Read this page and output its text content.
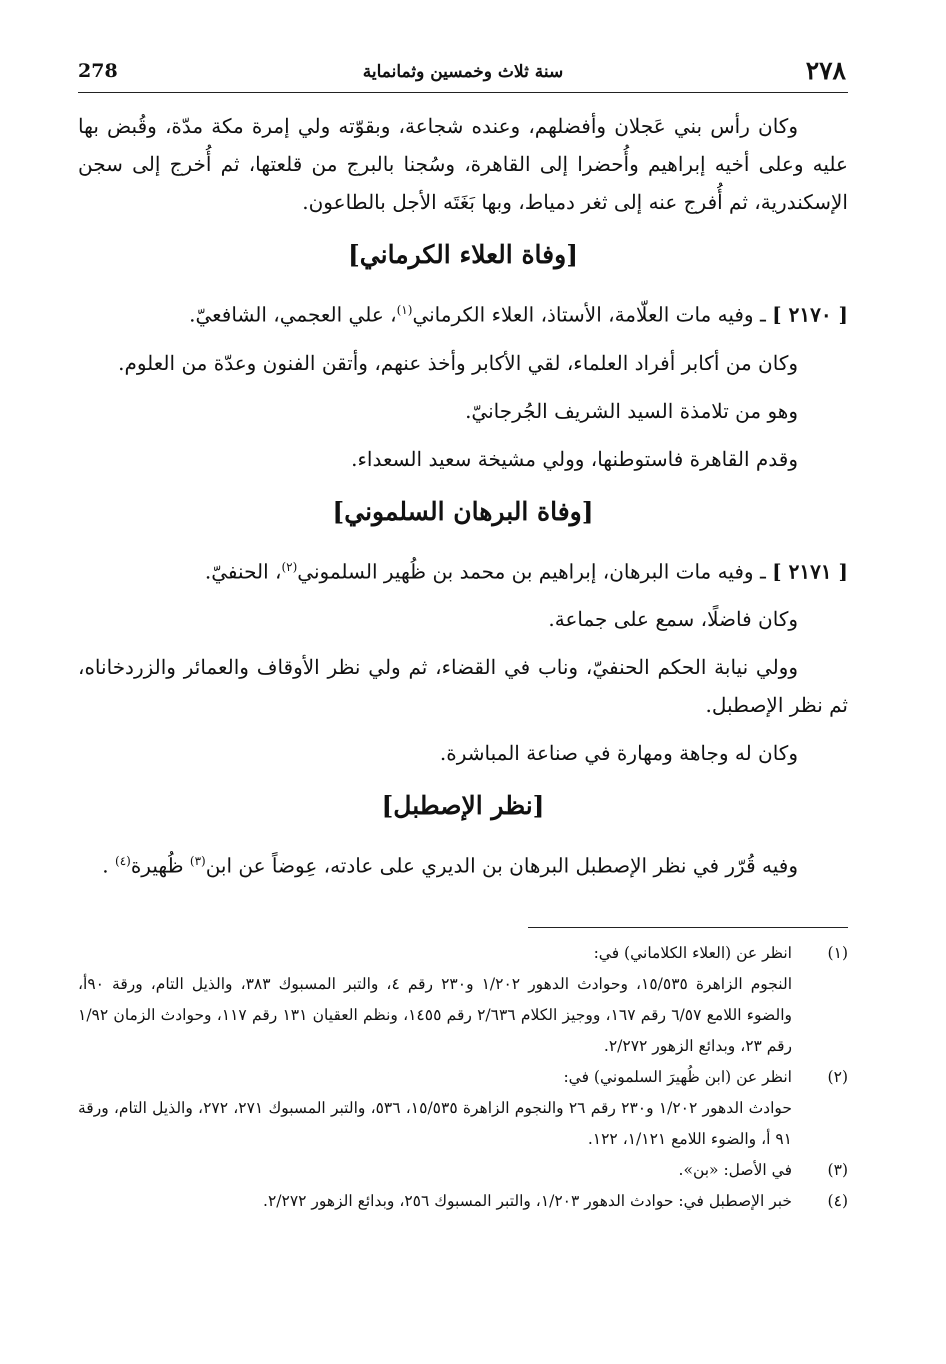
٢٧٨
سنة ثلاث وخمسين وثمانماية
278

وكان رأس بني عَجلان وأفضلهم، وعنده شجاعة، وبقوّته ولي إمرة مكة مدّة، وقُبض بها عليه وعلى أخيه إبراهيم وأُحضرا إلى القاهرة، وسُجنا بالبرج من قلعتها، ثم أُخرج إلى سجن الإسكندرية، ثم أُفرج عنه إلى ثغر دمياط، وبها بَغَتَه الأجل بالطاعون.

[وفاة العلاء الكرماني]

[ ٢١٧٠ ] ـ وفيه مات العلّامة، الأستاذ، العلاء الكرماني$^{(١)}$، علي العجمي، الشافعيّ.

وكان من أكابر أفراد العلماء، لقي الأكابر وأخذ عنهم، وأتقن الفنون وعدّة من العلوم.

وهو من تلامذة السيد الشريف الجُرجانيّ.

وقدم القاهرة فاستوطنها، وولي مشيخة سعيد السعداء.

[وفاة البرهان السلموني]

[ ٢١٧١ ] ـ وفيه مات البرهان، إبراهيم بن محمد بن ظُهير السلموني$^{(٢)}$، الحنفيّ.

وكان فاضلًا، سمع على جماعة.

وولي نيابة الحكم الحنفيّ، وناب في القضاء، ثم ولي نظر الأوقاف والعمائر والزردخاناه، ثم نظر الإصطبل.

وكان له وجاهة ومهارة في صناعة المباشرة.

[نظر الإصطبل]

وفيه قُرّر في نظر الإصطبل البرهان بن الديري على عادته، عِوضاً عن ابن$^{(٣)}$ ظُهيرة$^{(٤)}$ .

(١)
انظر عن (العلاء الكلاماني) في:
النجوم الزاهرة ١٥/٥٣٥، وحوادث الدهور ١/٢٠٢ و٢٣٠ رقم ٤، والتبر المسبوك ٣٨٣، والذيل التام، ورقة ٩٠أ، والضوء اللامع ٦/٥٧ رقم ١٦٧، ووجيز الكلام ٢/٦٣٦ رقم ١٤٥٥، ونظم العقيان ١٣١ رقم ١١٧، وحوادث الزمان ١/٩٢ رقم ٢٣، وبدائع الزهور ٢/٢٧٢.
(٢)
انظر عن (ابن ظُهيرَ السلموني) في:
حوادث الدهور ١/٢٠٢ و٢٣٠ رقم ٢٦ والنجوم الزاهرة ١٥/٥٣٥، ٥٣٦، والتبر المسبوك ٢٧١، ٢٧٢، والذيل التام، ورقة ٩١ أ، والضوء اللامع ١/١٢١، ١٢٢.
(٣)
في الأصل: «بن».
(٤)
خبر الإصطبل في: حوادث الدهور ١/٢٠٣، والتبر المسبوك ٢٥٦، وبدائع الزهور ٢/٢٧٢.
